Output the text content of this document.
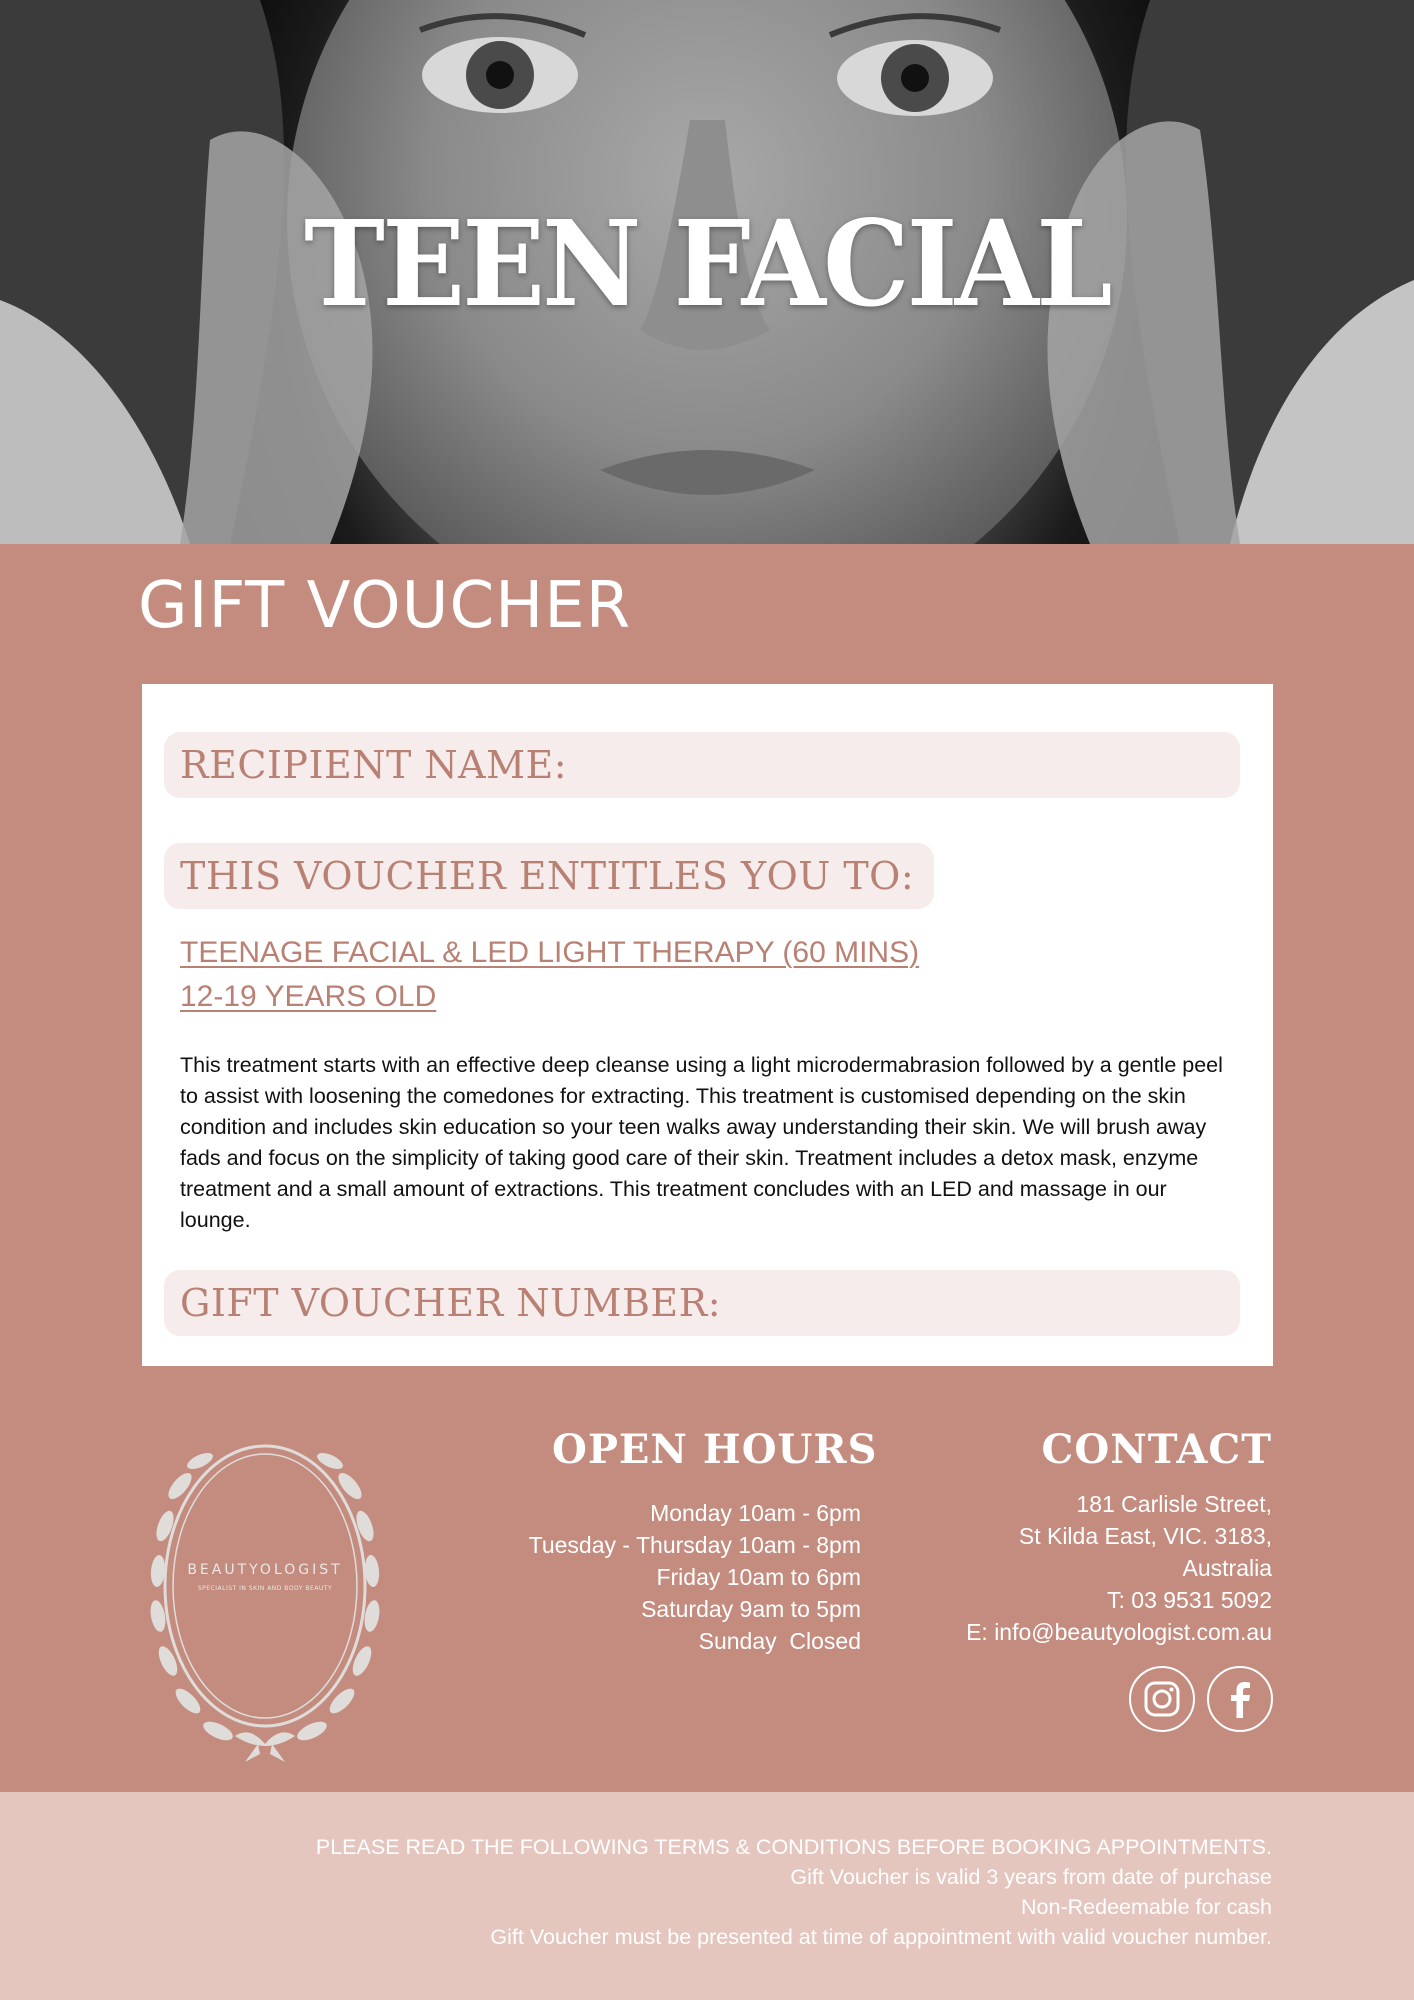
TEEN FACIAL
GIFT VOUCHER
RECIPIENT NAME:
THIS VOUCHER ENTITLES YOU TO:
TEENAGE FACIAL & LED LIGHT THERAPY (60 MINS)
12-19 YEARS OLD
This treatment starts with an effective deep cleanse using a light microdermabrasion followed by a gentle peel to assist with loosening the comedones for extracting. This treatment is customised depending on the skin condition and includes skin education so your teen walks away understanding their skin. We will brush away fads and focus on the simplicity of taking good care of their skin. Treatment includes a detox mask, enzyme treatment and a small amount of extractions. This treatment concludes with an LED and massage in our lounge.
GIFT VOUCHER NUMBER:
BEAUTYOLOGIST
SPECIALIST IN SKIN AND BODY BEAUTY
OPEN HOURS
Monday 10am - 6pm
Tuesday - Thursday 10am - 8pm
Friday 10am to 6pm
Saturday 9am to 5pm
Sunday  Closed
CONTACT
181 Carlisle Street,
St Kilda East, VIC. 3183,
Australia
T: 03 9531 5092
E: info@beautyologist.com.au
PLEASE READ THE FOLLOWING TERMS & CONDITIONS BEFORE BOOKING APPOINTMENTS.
Gift Voucher is valid 3 years from date of purchase
Non-Redeemable for cash
Gift Voucher must be presented at time of appointment with valid voucher number.
